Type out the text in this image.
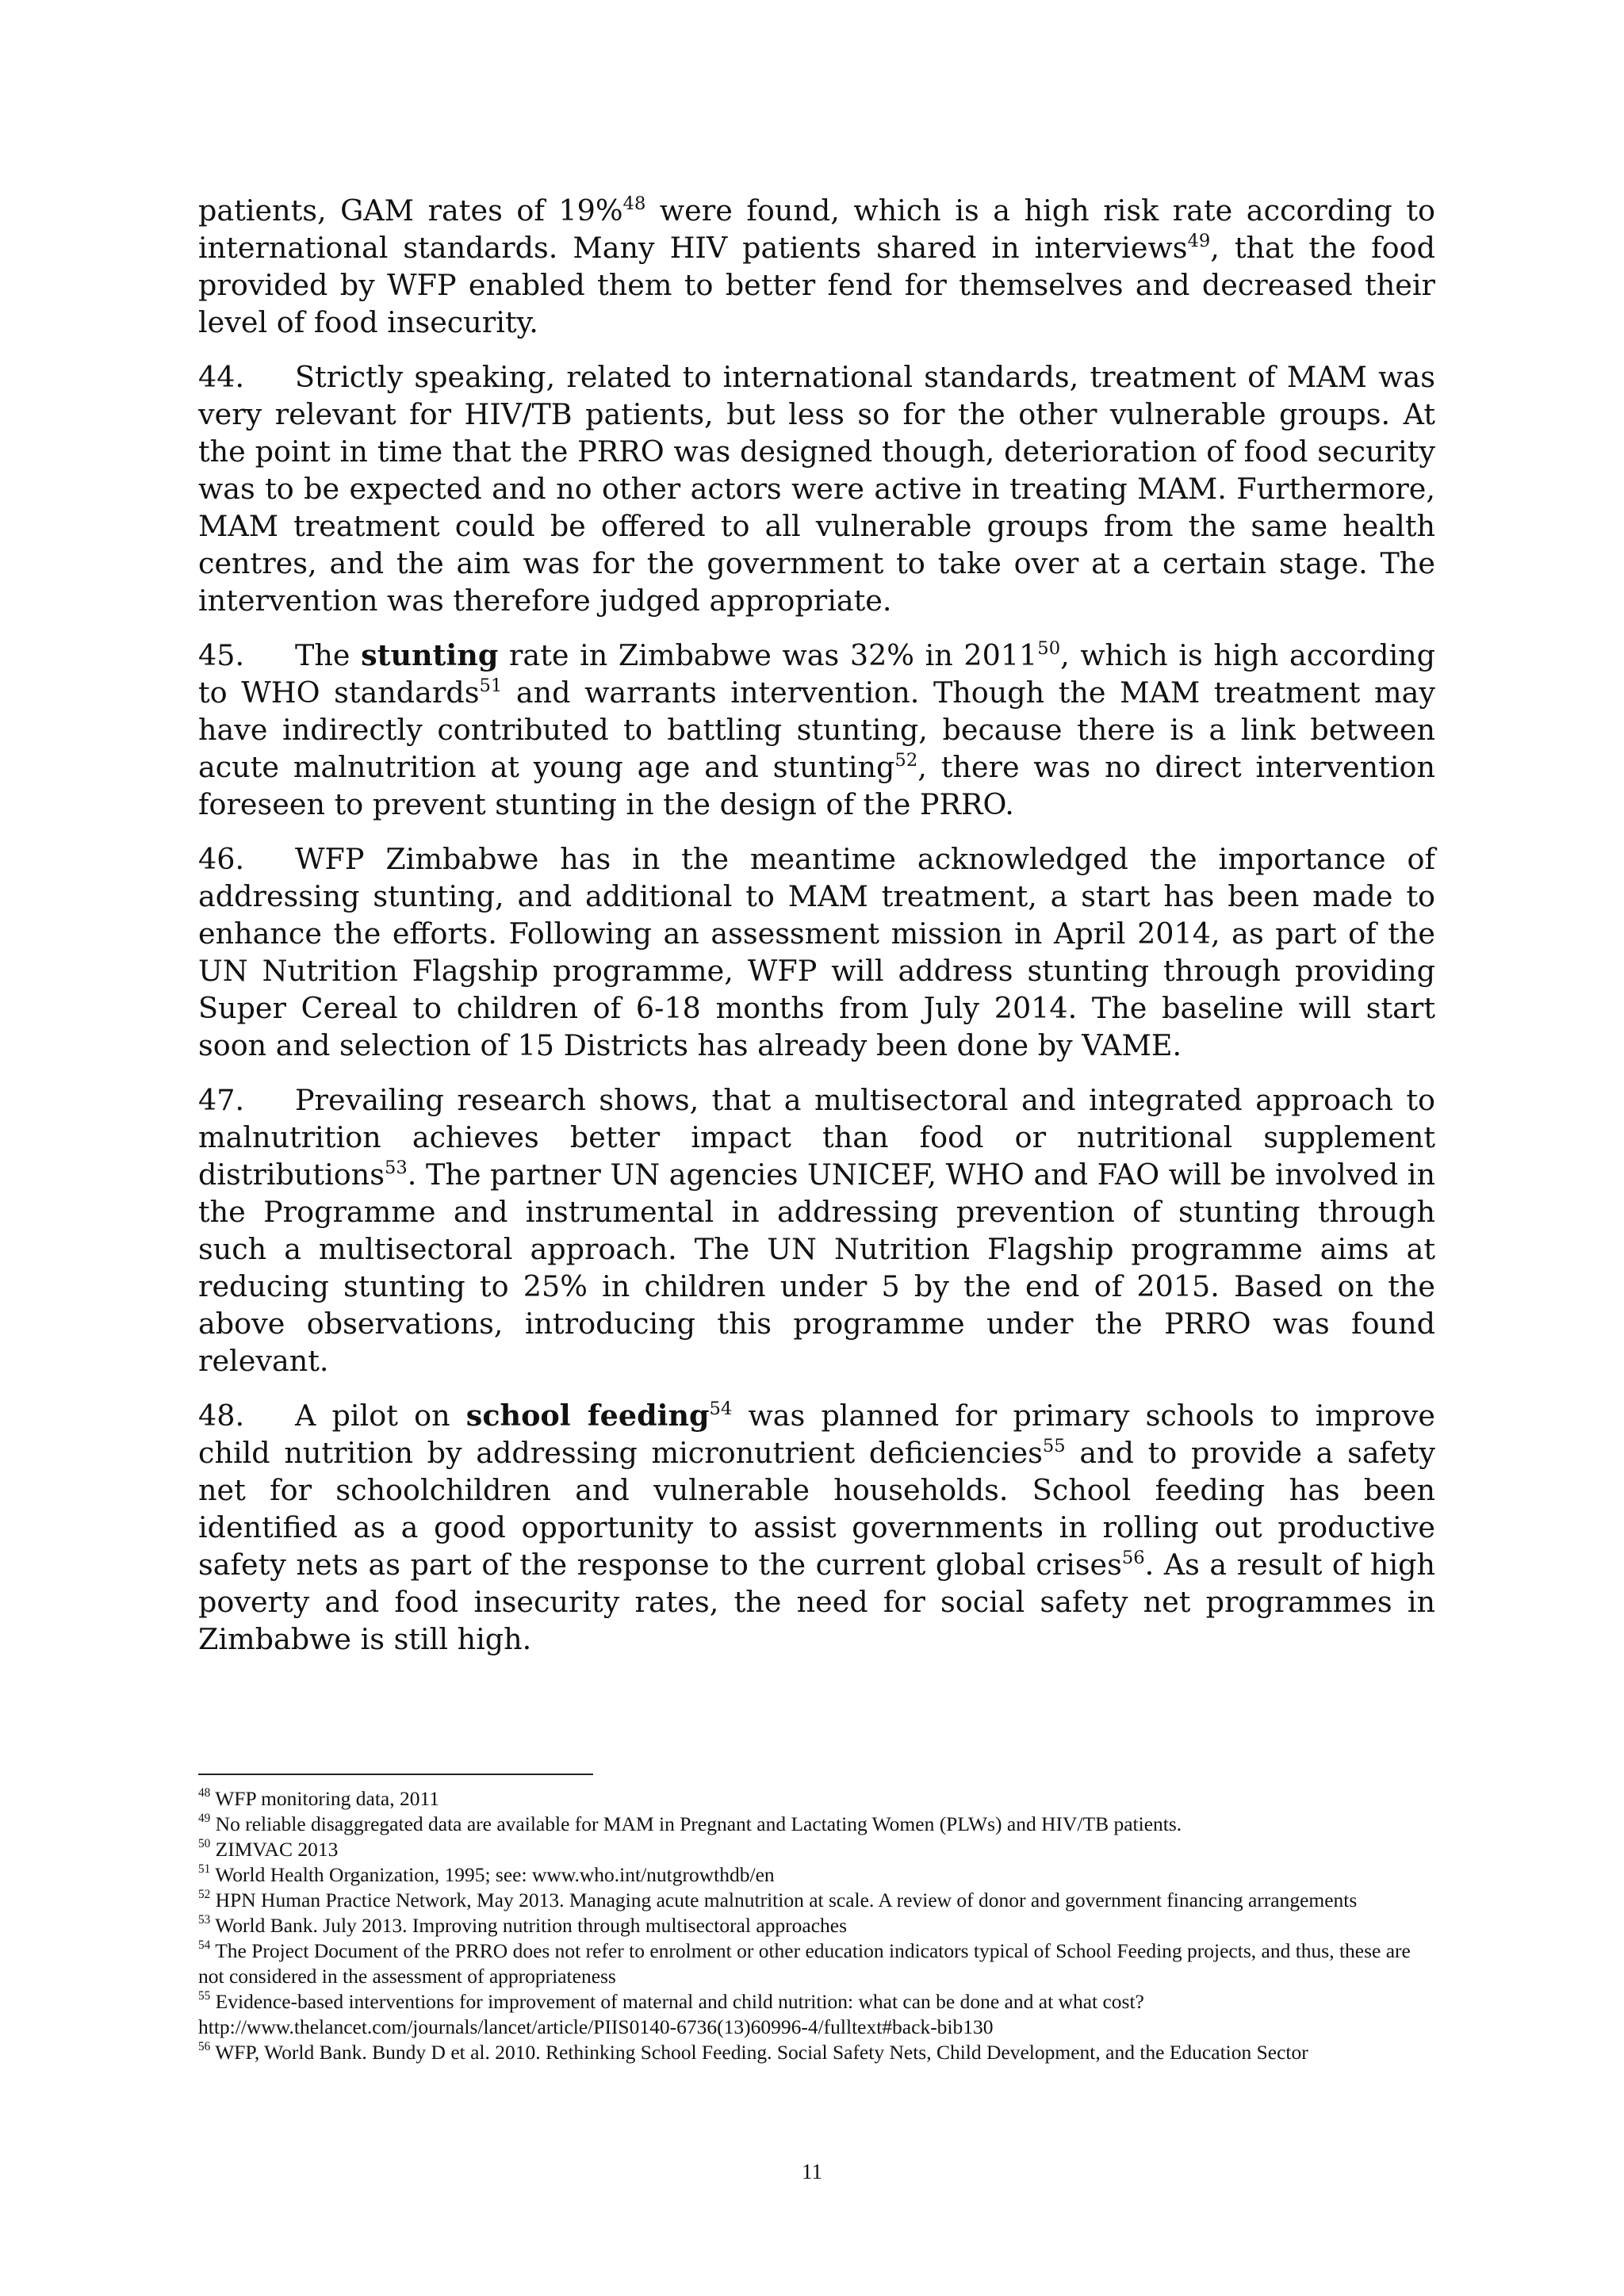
patients, GAM rates of 19%$^{48}$ were found, which is a high risk rate according to international standards. Many HIV patients shared in interviews$^{49}$, that the food provided by WFP enabled them to better fend for themselves and decreased their level of food insecurity.

44. Strictly speaking, related to international standards, treatment of MAM was very relevant for HIV/TB patients, but less so for the other vulnerable groups. At the point in time that the PRRO was designed though, deterioration of food security was to be expected and no other actors were active in treating MAM. Furthermore, MAM treatment could be offered to all vulnerable groups from the same health centres, and the aim was for the government to take over at a certain stage. The intervention was therefore judged appropriate.

45. The stunting rate in Zimbabwe was 32% in 2011$^{50}$, which is high according to WHO standards$^{51}$ and warrants intervention. Though the MAM treatment may have indirectly contributed to battling stunting, because there is a link between acute malnutrition at young age and stunting$^{52}$, there was no direct intervention foreseen to prevent stunting in the design of the PRRO.

46. WFP Zimbabwe has in the meantime acknowledged the importance of addressing stunting, and additional to MAM treatment, a start has been made to enhance the efforts. Following an assessment mission in April 2014, as part of the UN Nutrition Flagship programme, WFP will address stunting through providing Super Cereal to children of 6-18 months from July 2014. The baseline will start soon and selection of 15 Districts has already been done by VAME.

47. Prevailing research shows, that a multisectoral and integrated approach to malnutrition achieves better impact than food or nutritional supplement distributions$^{53}$. The partner UN agencies UNICEF, WHO and FAO will be involved in the Programme and instrumental in addressing prevention of stunting through such a multisectoral approach. The UN Nutrition Flagship programme aims at reducing stunting to 25% in children under 5 by the end of 2015. Based on the above observations, introducing this programme under the PRRO was found relevant.

48. A pilot on school feeding$^{54}$ was planned for primary schools to improve child nutrition by addressing micronutrient deficiencies$^{55}$ and to provide a safety net for schoolchildren and vulnerable households. School feeding has been identified as a good opportunity to assist governments in rolling out productive safety nets as part of the response to the current global crises$^{56}$. As a result of high poverty and food insecurity rates, the need for social safety net programmes in Zimbabwe is still high.

$^{48}$ WFP monitoring data, 2011

$^{49}$ No reliable disaggregated data are available for MAM in Pregnant and Lactating Women (PLWs) and HIV/TB patients.

$^{50}$ ZIMVAC 2013

$^{51}$ World Health Organization, 1995; see: www.who.int/nutgrowthdb/en

$^{52}$ HPN Human Practice Network, May 2013. Managing acute malnutrition at scale. A review of donor and government financing arrangements

$^{53}$ World Bank. July 2013. Improving nutrition through multisectoral approaches

$^{54}$ The Project Document of the PRRO does not refer to enrolment or other education indicators typical of School Feeding projects, and thus, these are not considered in the assessment of appropriateness

$^{55}$ Evidence-based interventions for improvement of maternal and child nutrition: what can be done and at what cost? http://www.thelancet.com/journals/lancet/article/PIIS0140-6736(13)60996-4/fulltext#back-bib130

$^{56}$ WFP, World Bank. Bundy D et al. 2010. Rethinking School Feeding. Social Safety Nets, Child Development, and the Education Sector

11
